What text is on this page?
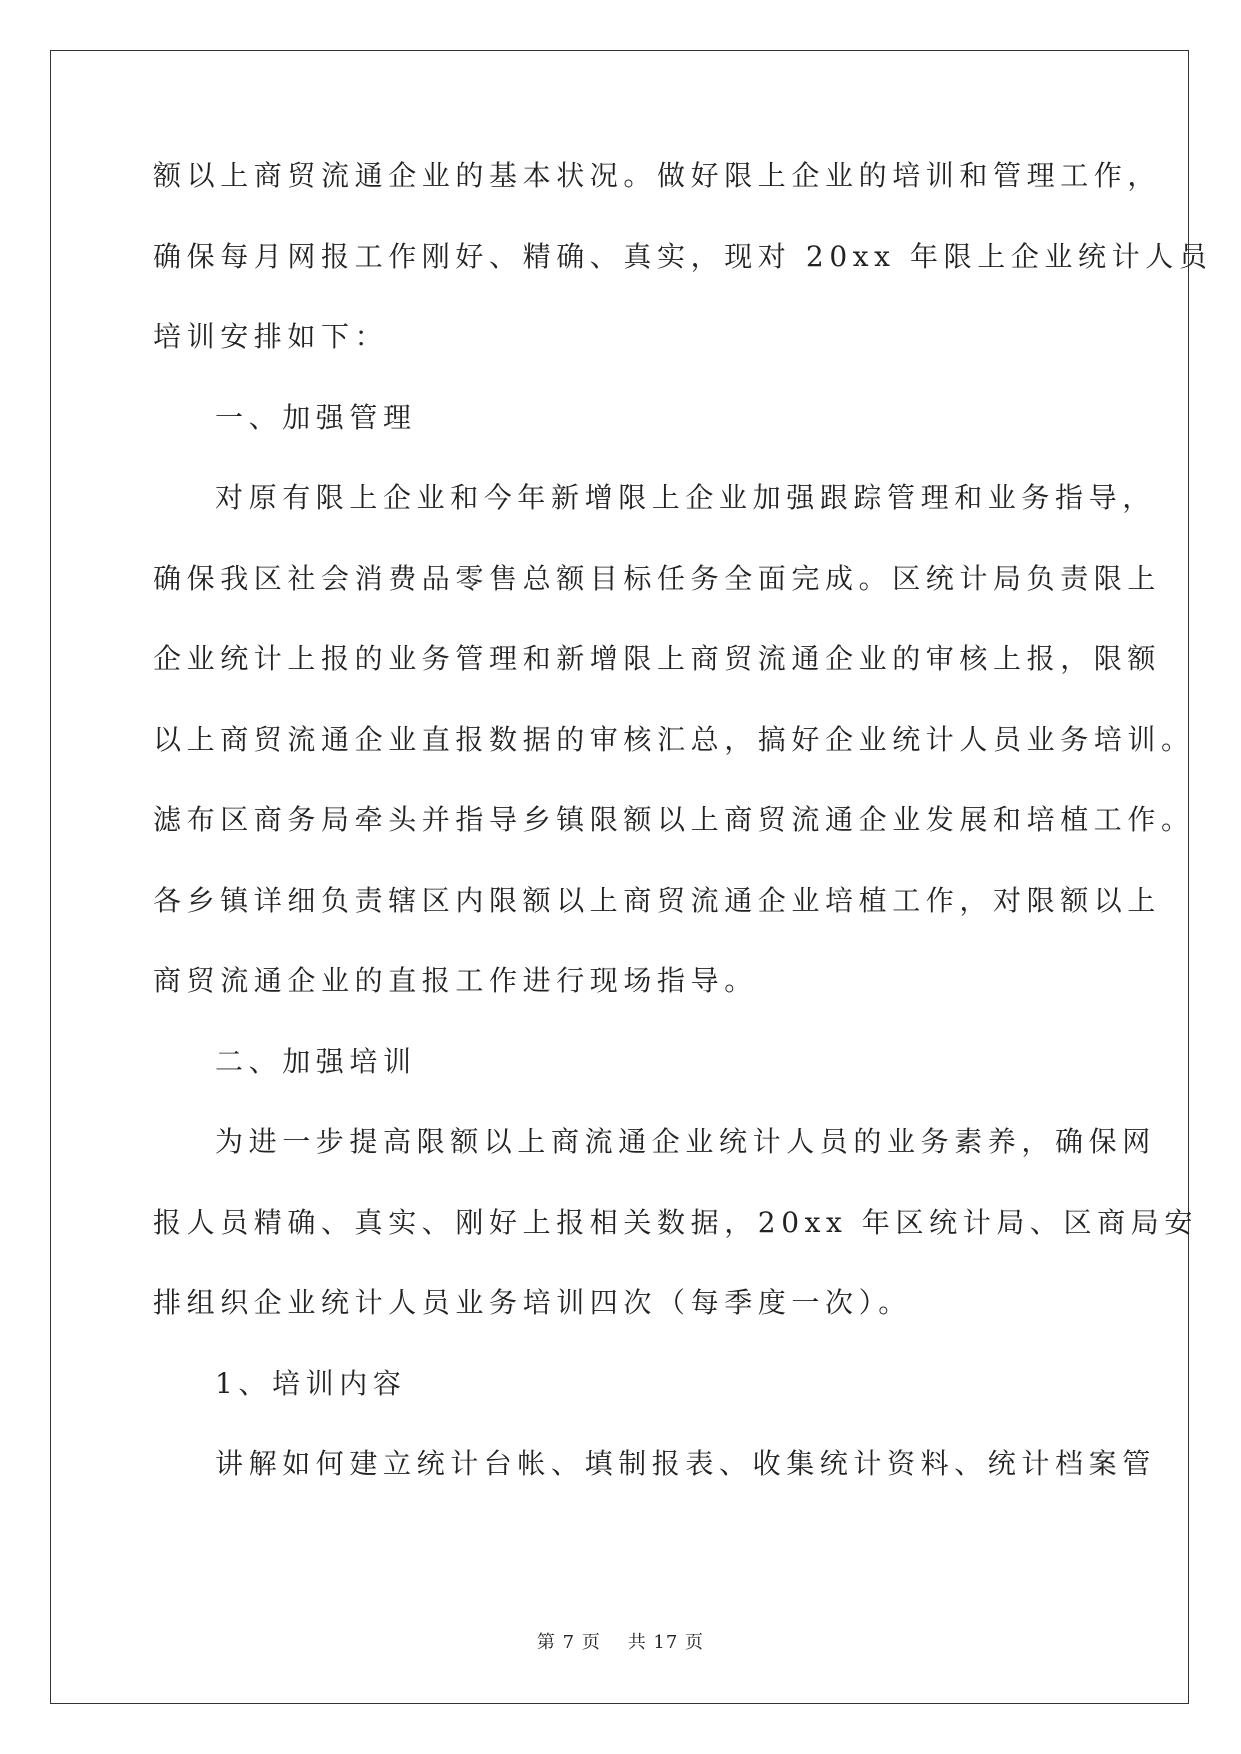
额以上商贸流通企业的基本状况。做好限上企业的培训和管理工作，
确保每月网报工作刚好、精确、真实，现对 20xx 年限上企业统计人员
培训安排如下：
一、加强管理
对原有限上企业和今年新增限上企业加强跟踪管理和业务指导，
确保我区社会消费品零售总额目标任务全面完成。区统计局负责限上
企业统计上报的业务管理和新增限上商贸流通企业的审核上报，限额
以上商贸流通企业直报数据的审核汇总，搞好企业统计人员业务培训。
滤布区商务局牵头并指导乡镇限额以上商贸流通企业发展和培植工作。
各乡镇详细负责辖区内限额以上商贸流通企业培植工作，对限额以上
商贸流通企业的直报工作进行现场指导。
二、加强培训
为进一步提高限额以上商流通企业统计人员的业务素养，确保网
报人员精确、真实、刚好上报相关数据，20xx 年区统计局、区商局安
排组织企业统计人员业务培训四次（每季度一次）。
1、培训内容
讲解如何建立统计台帐、填制报表、收集统计资料、统计档案管
第 7 页    共 17 页
